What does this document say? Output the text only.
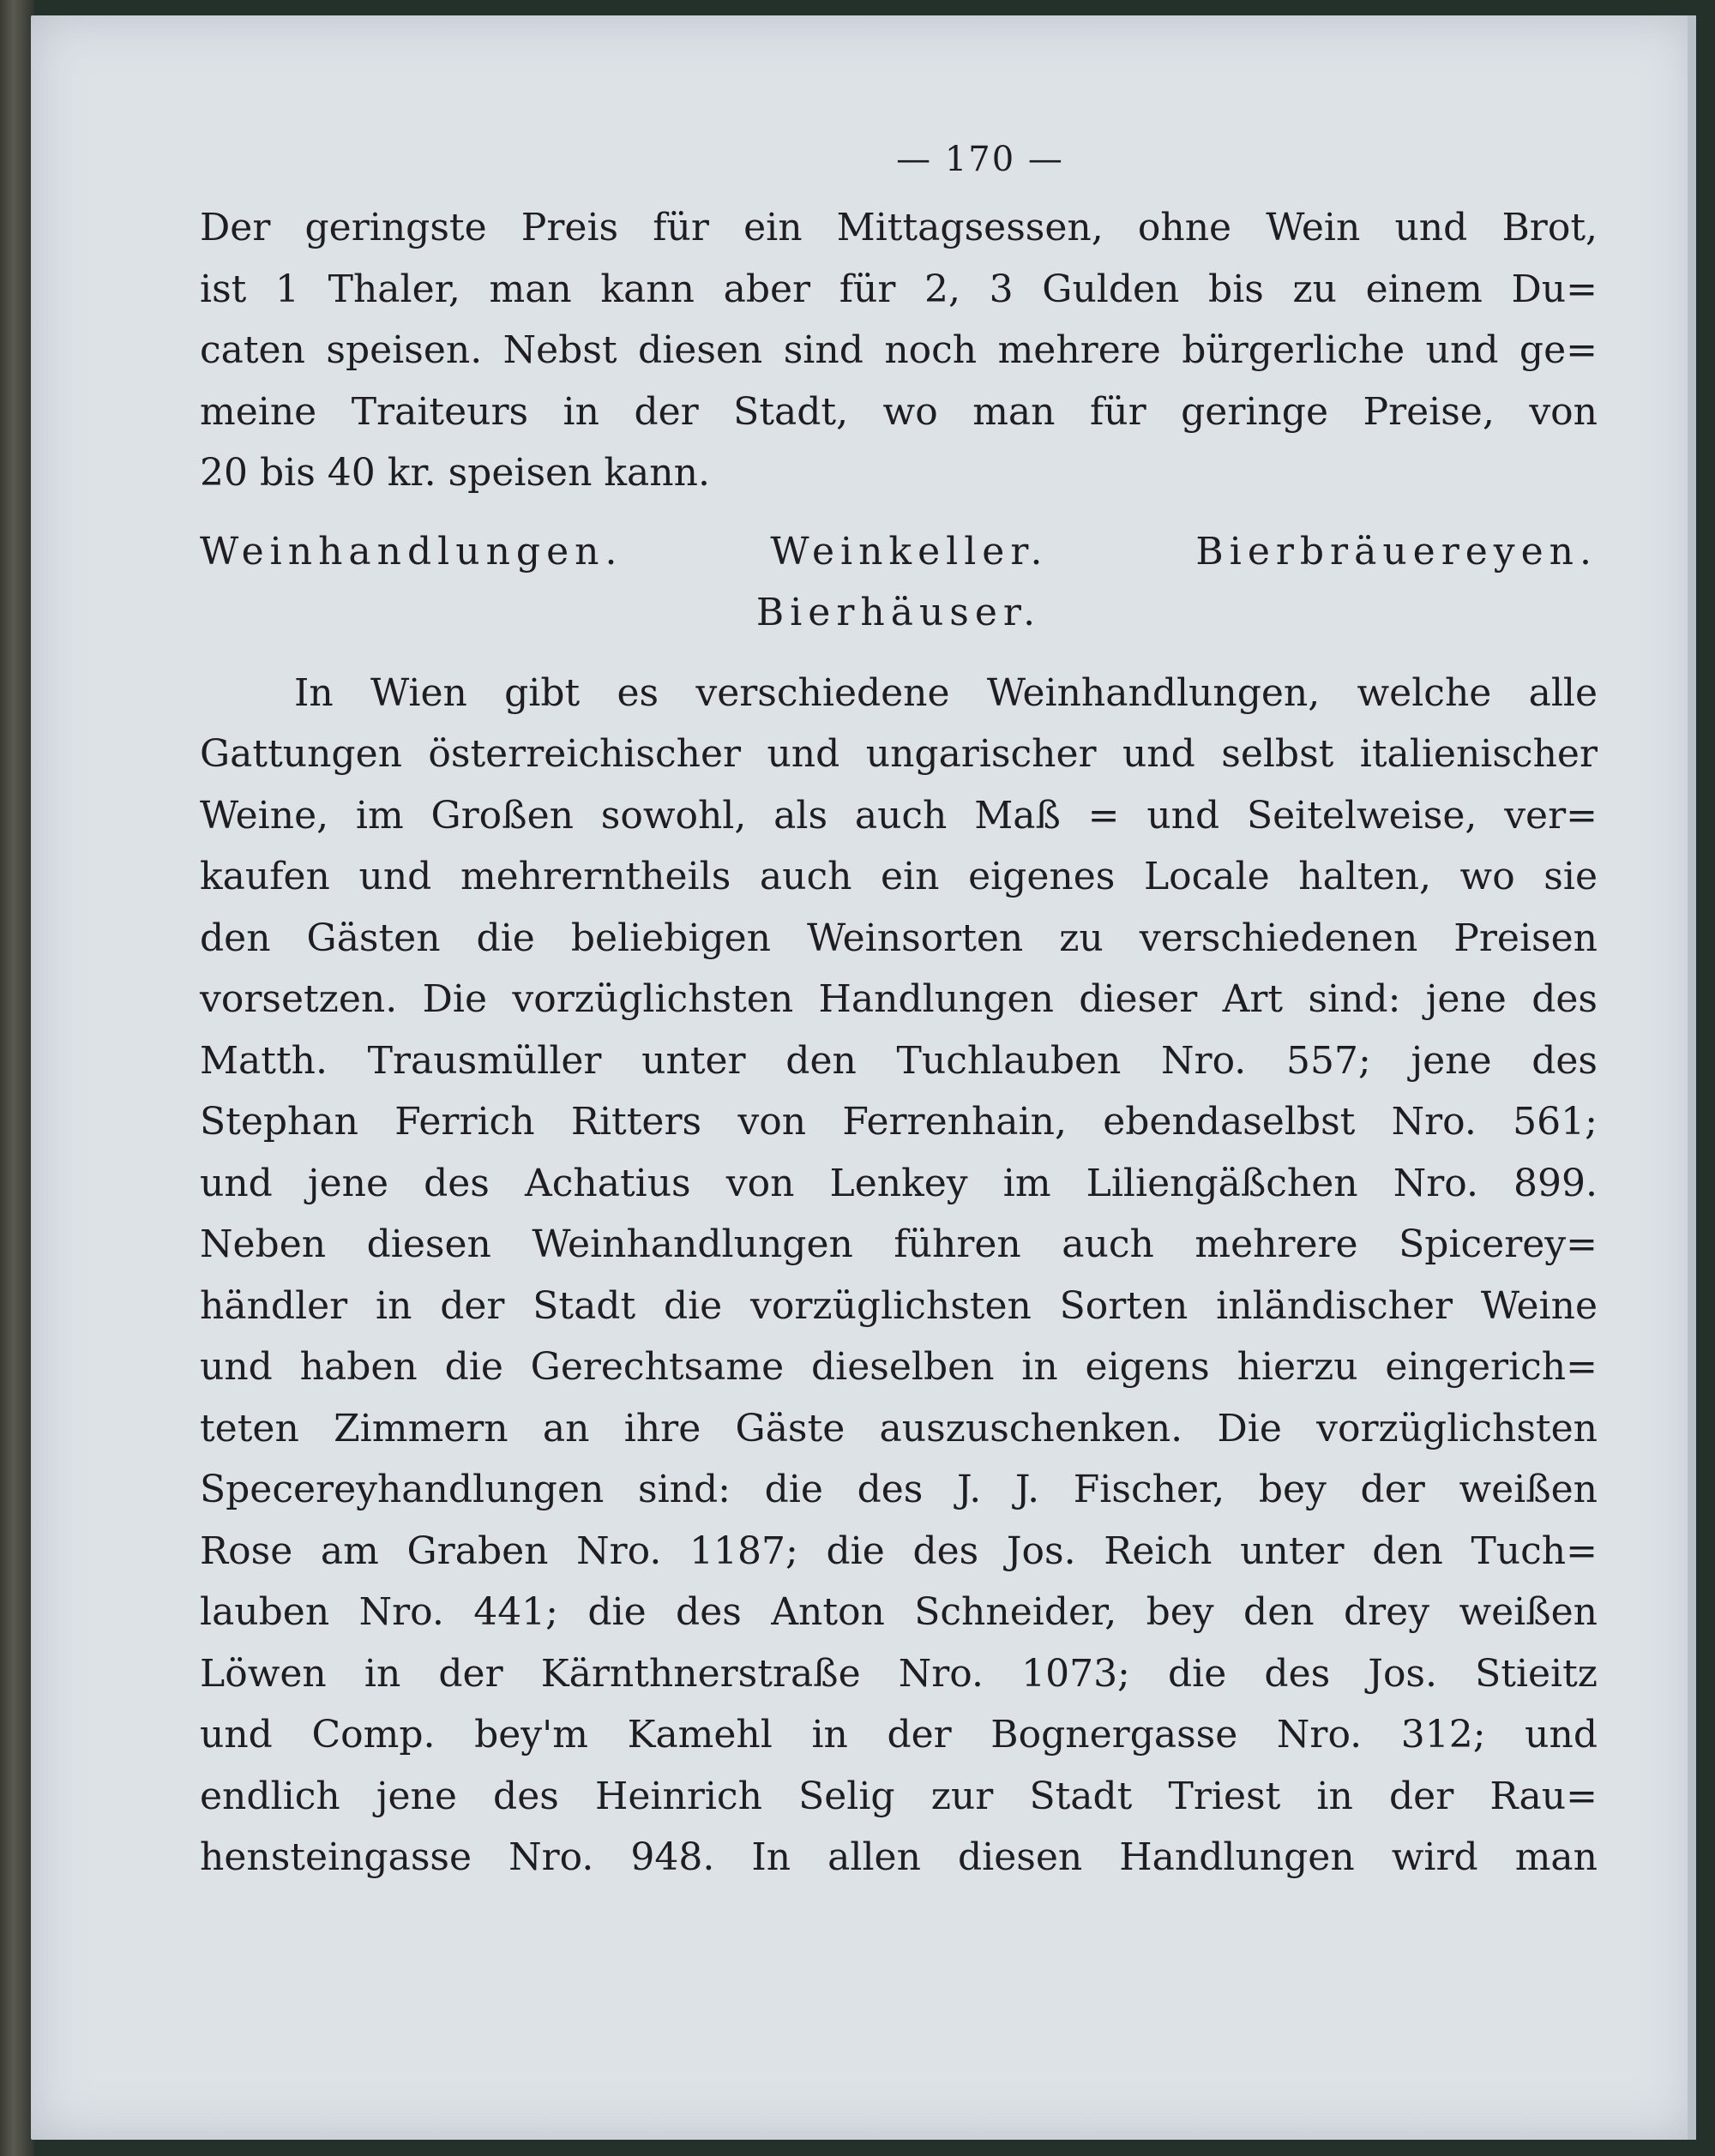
— 170 —
Der geringste Preis für ein Mittagsessen, ohne Wein und Brot,
ist 1 Thaler, man kann aber für 2, 3 Gulden bis zu einem Du=
caten speisen. Nebst diesen sind noch mehrere bürgerliche und ge=
meine Traiteurs in der Stadt, wo man für geringe Preise, von
20 bis 40 kr. speisen kann.
Weinhandlungen. Weinkeller. Bierbräuereyen.
Bierhäuser.
In Wien gibt es verschiedene Weinhandlungen, welche alle
Gattungen österreichischer und ungarischer und selbst italienischer
Weine, im Großen sowohl, als auch Maß = und Seitelweise, ver=
kaufen und mehrerntheils auch ein eigenes Locale halten, wo sie
den Gästen die beliebigen Weinsorten zu verschiedenen Preisen
vorsetzen. Die vorzüglichsten Handlungen dieser Art sind: jene des
Matth. Trausmüller unter den Tuchlauben Nro. 557; jene des
Stephan Ferrich Ritters von Ferrenhain, ebendaselbst Nro. 561;
und jene des Achatius von Lenkey im Liliengäßchen Nro. 899.
Neben diesen Weinhandlungen führen auch mehrere Spicerey=
händler in der Stadt die vorzüglichsten Sorten inländischer Weine
und haben die Gerechtsame dieselben in eigens hierzu eingerich=
teten Zimmern an ihre Gäste auszuschenken. Die vorzüglichsten
Specereyhandlungen sind: die des J. J. Fischer, bey der weißen
Rose am Graben Nro. 1187; die des Jos. Reich unter den Tuch=
lauben Nro. 441; die des Anton Schneider, bey den drey weißen
Löwen in der Kärnthnerstraße Nro. 1073; die des Jos. Stieitz
und Comp. bey'm Kamehl in der Bognergasse Nro. 312; und
endlich jene des Heinrich Selig zur Stadt Triest in der Rau=
hensteingasse Nro. 948. In allen diesen Handlungen wird man
